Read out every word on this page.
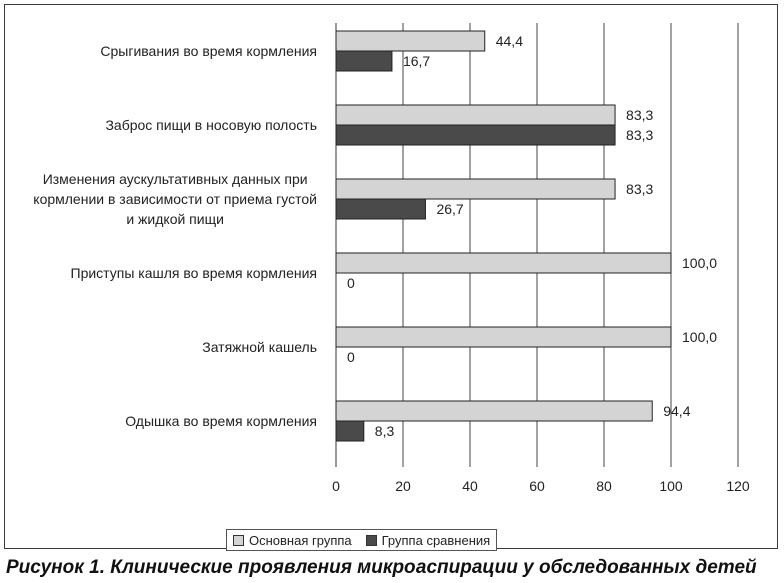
44,4
16,7
83,3
83,3
83,3
26,7
100,0
0
100,0
0
94,4
8,3
0	20	40	60	80	100	120
Срыгивания во время кормления
Заброс пищи в носовую полость
Изменения аускультативных данных при
кормлении в зависимости от приема густой
и жидкой пищи
Приступы кашля во время кормления
Затяжной кашель
Одышка во время кормления
Основная группа Группа сравнения
Рисунок 1. Клинические проявления микроаспирации у обследованных детей
